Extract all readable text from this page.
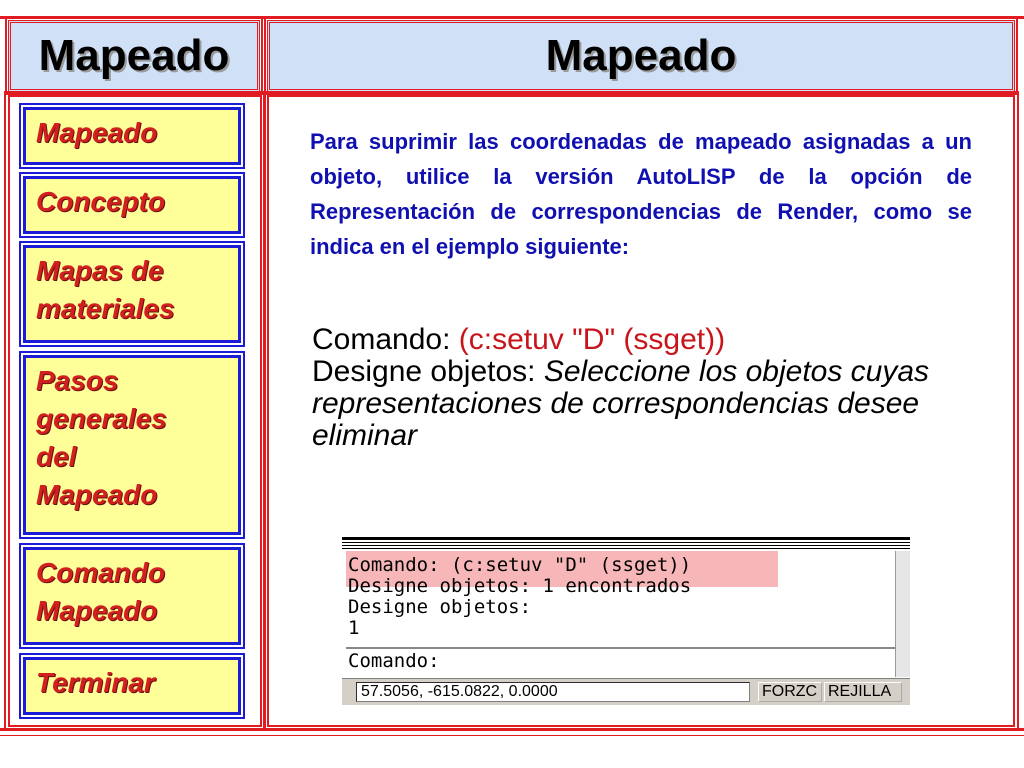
Mapeado	Mapeado
Mapeado
Concepto
Mapas de
materiales
Pasos
generales
del
Mapeado
Comando
Mapeado
Terminar
Para suprimir las coordenadas de mapeado asignadas a un objeto, utilice la versión AutoLISP de la opción de Representación de correspondencias de Render, como se indica en el ejemplo siguiente:
Comando: (c:setuv "D" (ssget))
Designe objetos: Seleccione los objetos cuyas representaciones de correspondencias desee eliminar
Comando: (c:setuv "D" (ssget))
Designe objetos: 1 encontrados
Designe objetos:
1
Comando:
57.5056, -615.0822, 0.0000	FORZC REJILLA
